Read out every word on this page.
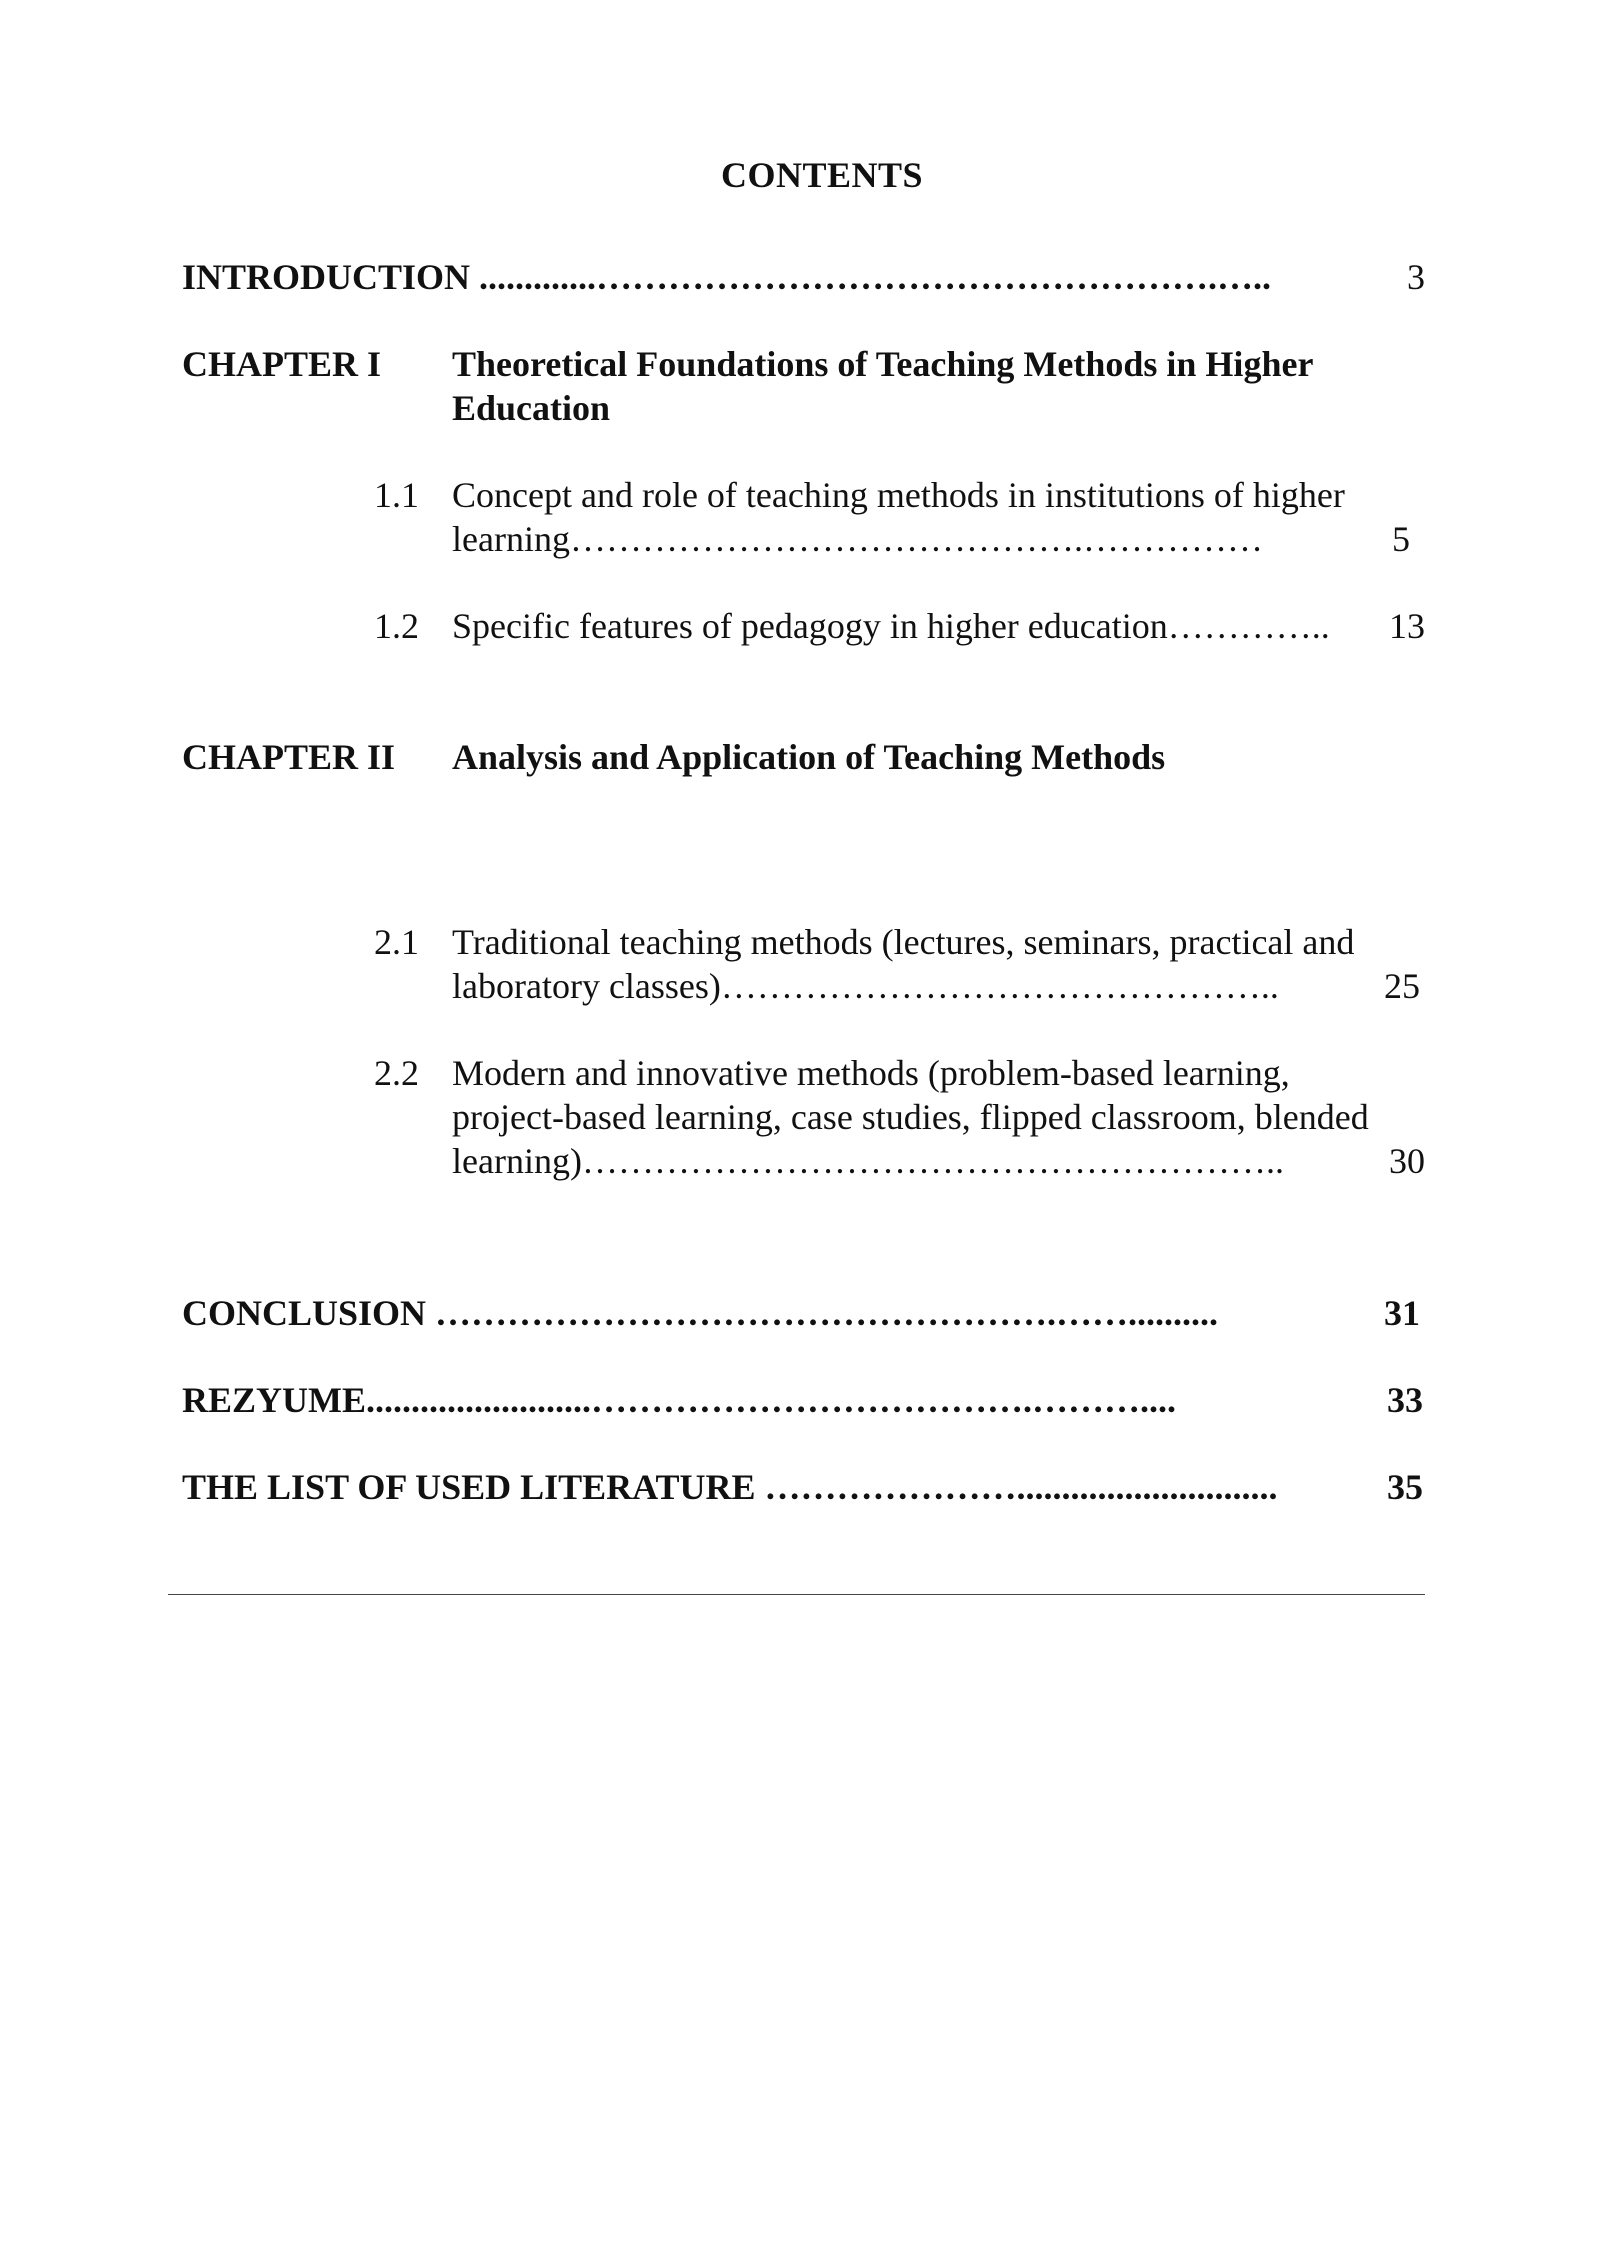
CONTENTS
INTRODUCTION .............…………………………………………….…..	3
CHAPTER I Theoretical Foundations of Teaching Methods in Higher Education
1.1 Concept and role of teaching methods in institutions of higher
learning…………………………………….……………	5
1.2 Specific features of pedagogy in higher education………….. 13
CHAPTER II Analysis and Application of Teaching Methods
2.1 Traditional teaching methods (lectures, seminars, practical and
laboratory classes)………………………………………..	25
2.2 Modern and innovative methods (problem-based learning,
project-based learning, case studies, flipped classroom, blended
learning)…………………………………………………..	30
CONCLUSION …………………………………………….……..........	31
REZYUME.........................……………………………….………....	33
THE LIST OF USED LITERATURE ………………….............................	35
